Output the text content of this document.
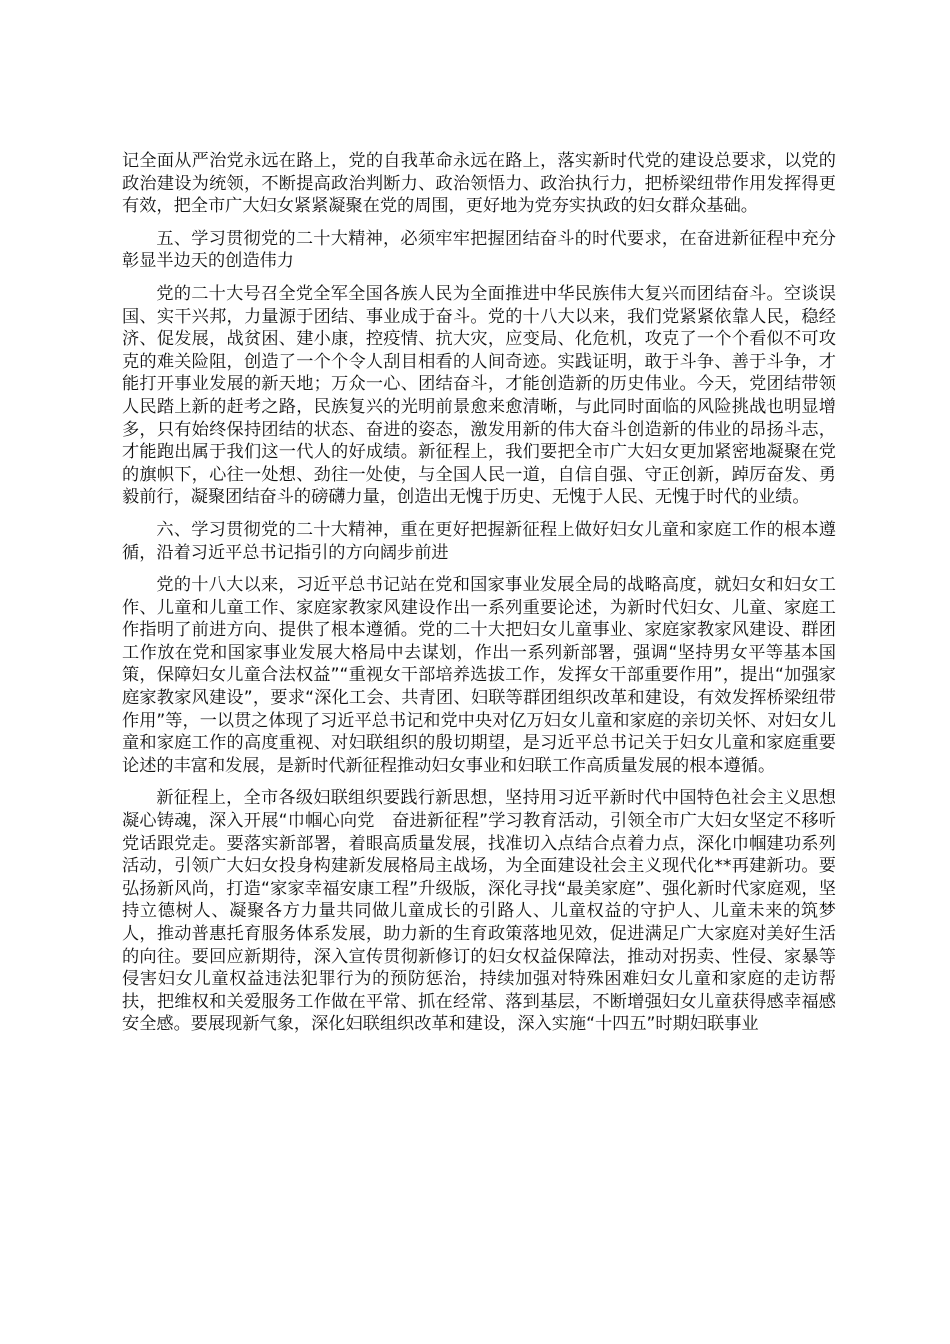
记全面从严治党永远在路上，党的自我革命永远在路上，落实新时代党的建设总要求，以党的政治建设为统领，不断提高政治判断力、政治领悟力、政治执行力，把桥梁纽带作用发挥得更有效，把全市广大妇女紧紧凝聚在党的周围，更好地为党夯实执政的妇女群众基础。

五、学习贯彻党的二十大精神，必须牢牢把握团结奋斗的时代要求，在奋进新征程中充分彰显半边天的创造伟力

党的二十大号召全党全军全国各族人民为全面推进中华民族伟大复兴而团结奋斗。空谈误国、实干兴邦，力量源于团结、事业成于奋斗。党的十八大以来，我们党紧紧依靠人民，稳经济、促发展，战贫困、建小康，控疫情、抗大灾，应变局、化危机，攻克了一个个看似不可攻克的难关险阻，创造了一个个令人刮目相看的人间奇迹。实践证明，敢于斗争、善于斗争，才能打开事业发展的新天地；万众一心、团结奋斗，才能创造新的历史伟业。今天，党团结带领人民踏上新的赶考之路，民族复兴的光明前景愈来愈清晰，与此同时面临的风险挑战也明显增多，只有始终保持团结的状态、奋进的姿态，激发用新的伟大奋斗创造新的伟业的昂扬斗志，才能跑出属于我们这一代人的好成绩。新征程上，我们要把全市广大妇女更加紧密地凝聚在党的旗帜下，心往一处想、劲往一处使，与全国人民一道，自信自强、守正创新，踔厉奋发、勇毅前行，凝聚团结奋斗的磅礴力量，创造出无愧于历史、无愧于人民、无愧于时代的业绩。

六、学习贯彻党的二十大精神，重在更好把握新征程上做好妇女儿童和家庭工作的根本遵循，沿着习近平总书记指引的方向阔步前进

党的十八大以来，习近平总书记站在党和国家事业发展全局的战略高度，就妇女和妇女工作、儿童和儿童工作、家庭家教家风建设作出一系列重要论述，为新时代妇女、儿童、家庭工作指明了前进方向、提供了根本遵循。党的二十大把妇女儿童事业、家庭家教家风建设、群团工作放在党和国家事业发展大格局中去谋划，作出一系列新部署，强调“坚持男女平等基本国策，保障妇女儿童合法权益”“重视女干部培养选拔工作，发挥女干部重要作用”，提出“加强家庭家教家风建设”，要求“深化工会、共青团、妇联等群团组织改革和建设，有效发挥桥梁纽带作用”等，一以贯之体现了习近平总书记和党中央对亿万妇女儿童和家庭的亲切关怀、对妇女儿童和家庭工作的高度重视、对妇联组织的殷切期望，是习近平总书记关于妇女儿童和家庭重要论述的丰富和发展，是新时代新征程推动妇女事业和妇联工作高质量发展的根本遵循。

新征程上，全市各级妇联组织要践行新思想，坚持用习近平新时代中国特色社会主义思想凝心铸魂，深入开展“巾帼心向党　奋进新征程”学习教育活动，引领全市广大妇女坚定不移听党话跟党走。要落实新部署，着眼高质量发展，找准切入点结合点着力点，深化巾帼建功系列活动，引领广大妇女投身构建新发展格局主战场，为全面建设社会主义现代化**再建新功。要弘扬新风尚，打造“家家幸福安康工程”升级版，深化寻找“最美家庭”、强化新时代家庭观，坚持立德树人、凝聚各方力量共同做儿童成长的引路人、儿童权益的守护人、儿童未来的筑梦人，推动普惠托育服务体系发展，助力新的生育政策落地见效，促进满足广大家庭对美好生活的向往。要回应新期待，深入宣传贯彻新修订的妇女权益保障法，推动对拐卖、性侵、家暴等侵害妇女儿童权益违法犯罪行为的预防惩治，持续加强对特殊困难妇女儿童和家庭的走访帮扶，把维权和关爱服务工作做在平常、抓在经常、落到基层，不断增强妇女儿童获得感幸福感安全感。要展现新气象，深化妇联组织改革和建设，深入实施“十四五”时期妇联事业
